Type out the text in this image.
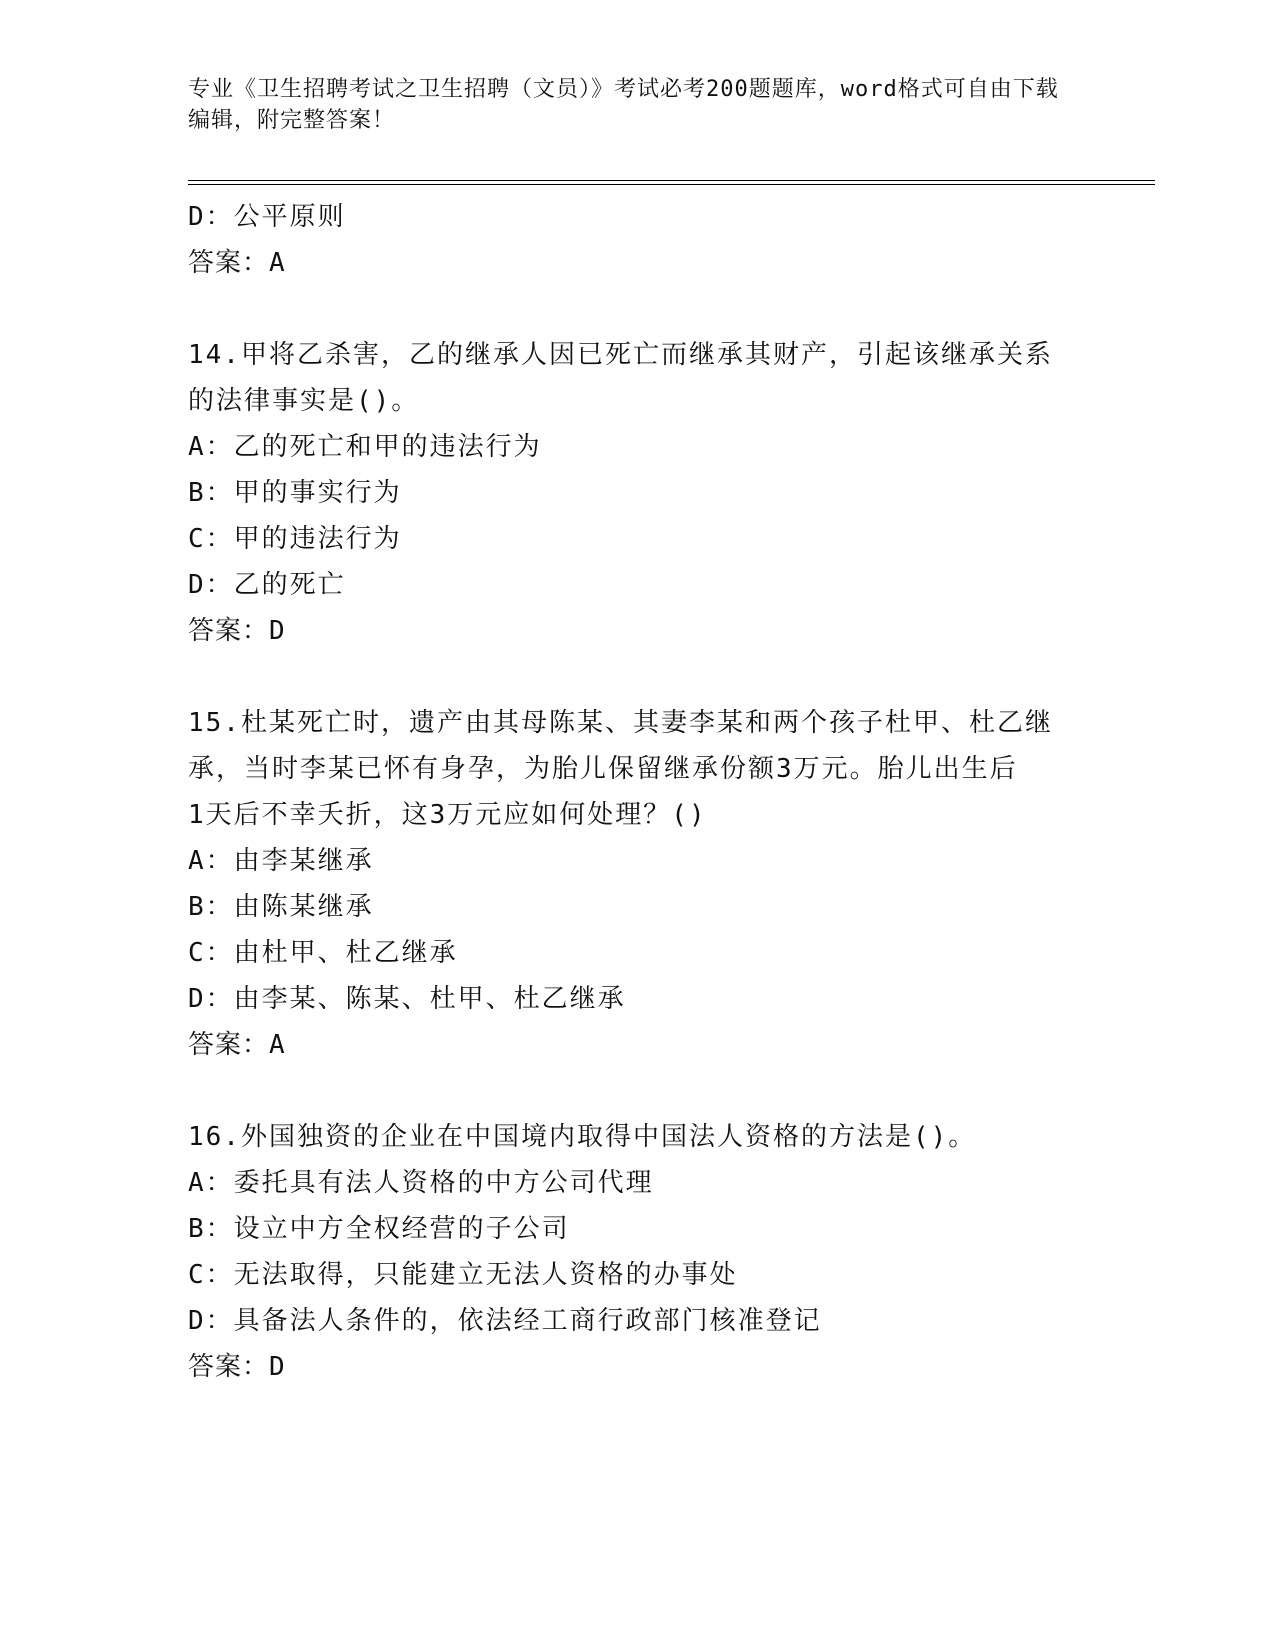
专业《卫生招聘考试之卫生招聘（文员）》考试必考200题题库，word格式可自由下载编辑，附完整答案！
D：公平原则
答案：A
14.甲将乙杀害，乙的继承人因已死亡而继承其财产，引起该继承关系
的法律事实是()。
A：乙的死亡和甲的违法行为
B：甲的事实行为
C：甲的违法行为
D：乙的死亡
答案：D
15.杜某死亡时，遗产由其母陈某、其妻李某和两个孩子杜甲、杜乙继
承，当时李某已怀有身孕，为胎儿保留继承份额3万元。胎儿出生后
1天后不幸夭折，这3万元应如何处理？()
A：由李某继承
B：由陈某继承
C：由杜甲、杜乙继承
D：由李某、陈某、杜甲、杜乙继承
答案：A
16.外国独资的企业在中国境内取得中国法人资格的方法是()。
A：委托具有法人资格的中方公司代理
B：设立中方全权经营的子公司
C：无法取得，只能建立无法人资格的办事处
D：具备法人条件的，依法经工商行政部门核准登记
答案：D
